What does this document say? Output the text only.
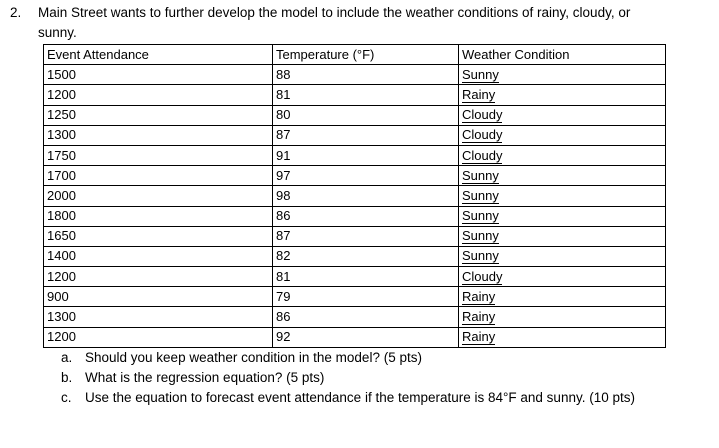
2. Main Street wants to further develop the model to include the weather conditions of rainy, cloudy, or
sunny.
Event Attendance	Temperature (°F)	Weather Condition
1500	88	Sunny
1200	81	Rainy
1250	80	Cloudy
1300	87	Cloudy
1750	91	Cloudy
1700	97	Sunny
2000	98	Sunny
1800	86	Sunny
1650	87	Sunny
1400	82	Sunny
1200	81	Cloudy
900	79	Rainy
1300	86	Rainy
1200	92	Rainy
a. Should you keep weather condition in the model? (5 pts)
b. What is the regression equation? (5 pts)
c. Use the equation to forecast event attendance if the temperature is 84°F and sunny. (10 pts)
